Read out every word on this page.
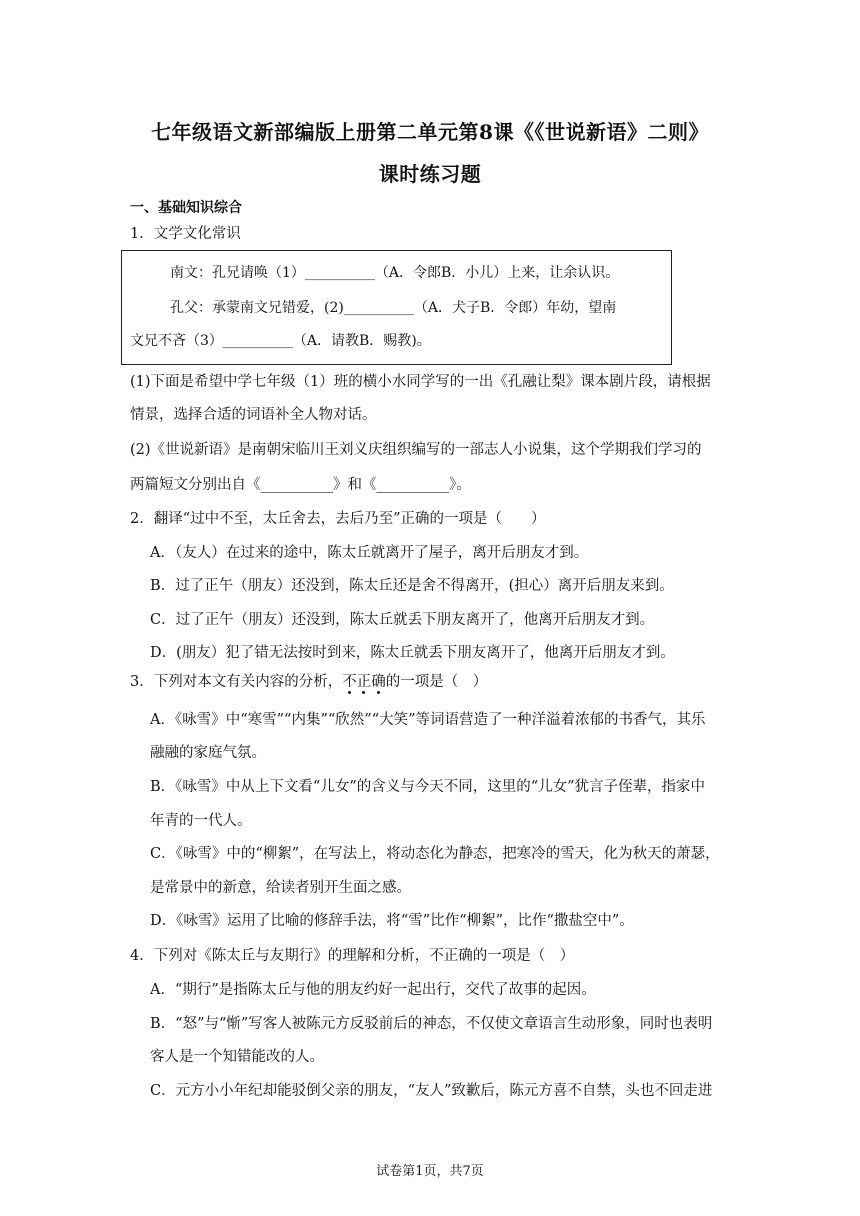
七年级语文新部编版上册第二单元第8课《《世说新语》二则》
课时练习题
一、基础知识综合
1．文学文化常识
南文：孔兄请唤（1）__________（A．令郎B．小儿）上来，让余认识。
孔父：承蒙南文兄错爱，(2)__________（A．犬子B．令郎）年幼，望南
文兄不吝（3）__________（A．请教B．赐教)。
(1)下面是希望中学七年级（1）班的横小水同学写的一出《孔融让梨》课本剧片段，请根据
情景，选择合适的词语补全人物对话。
(2)《世说新语》是南朝宋临川王刘义庆组织编写的一部志人小说集，这个学期我们学习的
两篇短文分别出自《__________》和《__________》。
2．翻译“过中不至，太丘舍去，去后乃至”正确的一项是（　　）
A．（友人）在过来的途中，陈太丘就离开了屋子，离开后朋友才到。
B．过了正午（朋友）还没到，陈太丘还是舍不得离开，(担心）离开后朋友来到。
C．过了正午（朋友）还没到，陈太丘就丢下朋友离开了，他离开后朋友才到。
D．(朋友）犯了错无法按时到来，陈太丘就丢下朋友离开了，他离开后朋友才到。
3．下列对本文有关内容的分析，不正确的一项是（　）
A．《咏雪》中“寒雪”“内集”“欣然”“大笑”等词语营造了一种洋溢着浓郁的书香气，其乐
融融的家庭气氛。
B．《咏雪》中从上下文看“儿女”的含义与今天不同，这里的“儿女”犹言子侄辈，指家中
年青的一代人。
C．《咏雪》中的“柳絮”，在写法上，将动态化为静态，把寒冷的雪天，化为秋天的萧瑟，
是常景中的新意，给读者别开生面之感。
D．《咏雪》运用了比喻的修辞手法，将“雪”比作“柳絮”，比作“撒盐空中”。
4．下列对《陈太丘与友期行》的理解和分析，不正确的一项是（　）
A．“期行”是指陈太丘与他的朋友约好一起出行，交代了故事的起因。
B．“怒”与“惭”写客人被陈元方反驳前后的神态，不仅使文章语言生动形象，同时也表明
客人是一个知错能改的人。
C．元方小小年纪却能驳倒父亲的朋友，“友人”致歉后，陈元方喜不自禁，头也不回走进
试卷第1页，共7页
